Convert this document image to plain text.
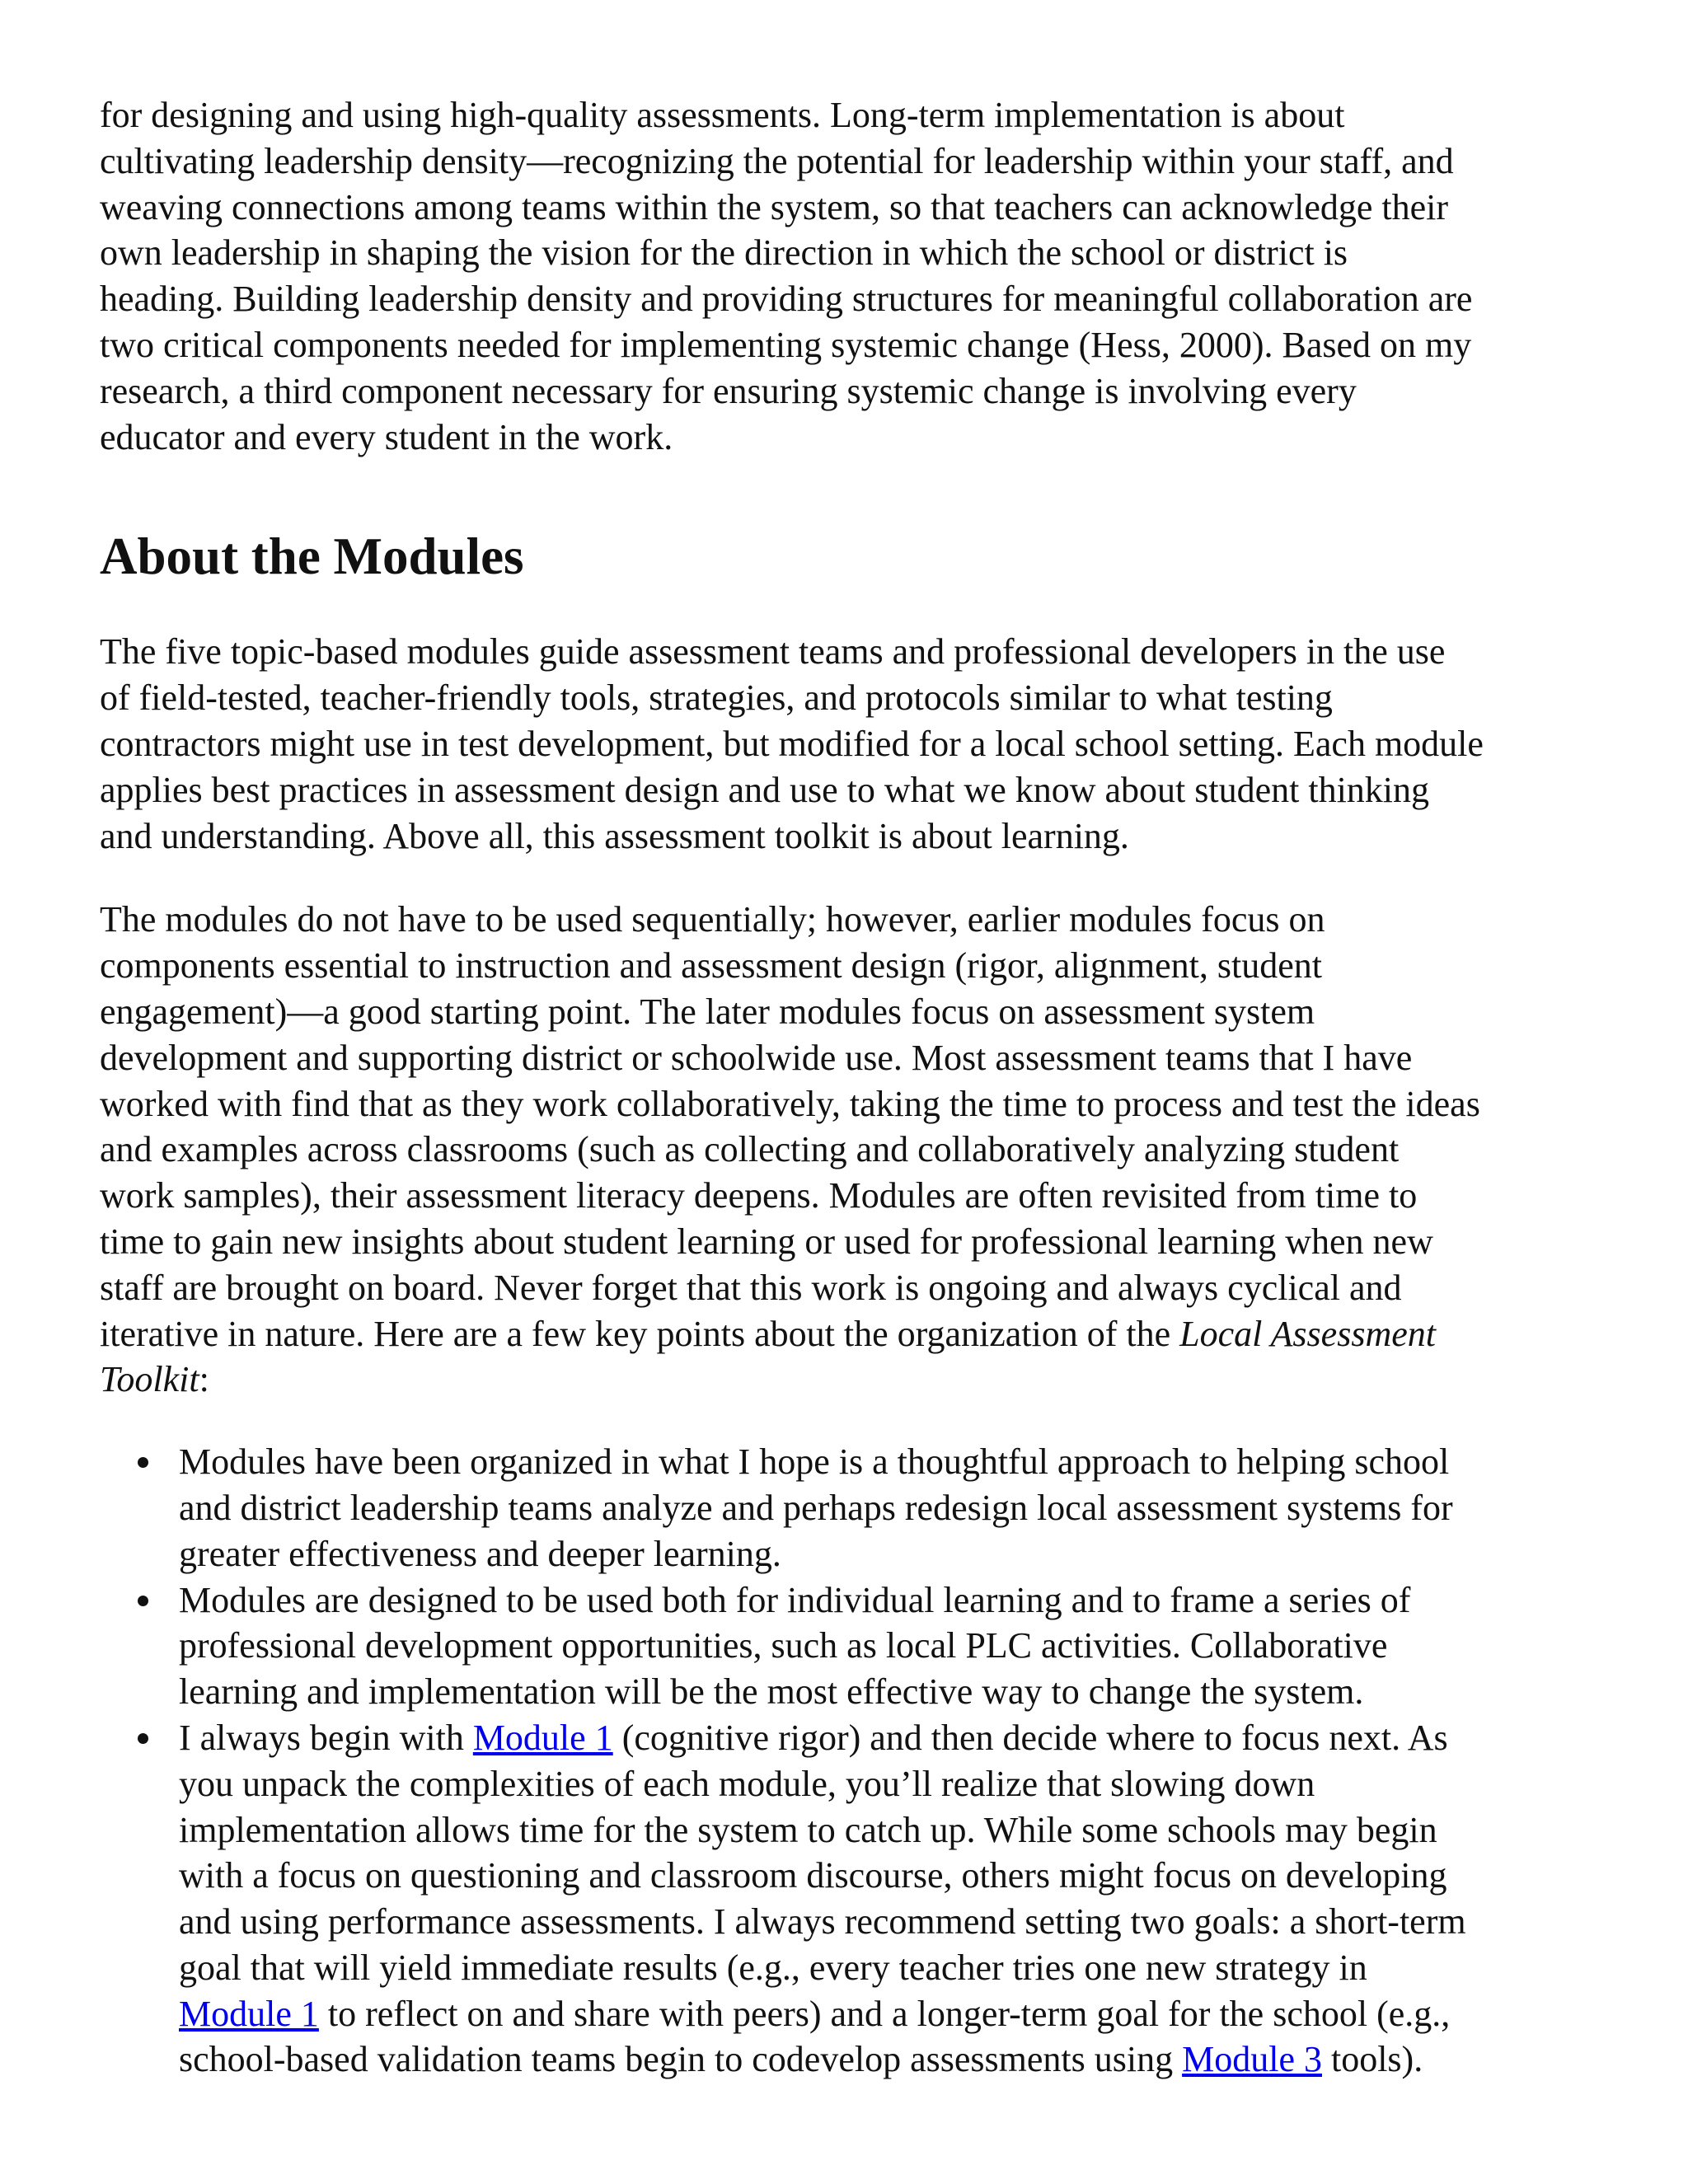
for designing and using high-quality assessments. Long-term implementation is about
cultivating leadership density—recognizing the potential for leadership within your staff, and
weaving connections among teams within the system, so that teachers can acknowledge their
own leadership in shaping the vision for the direction in which the school or district is
heading. Building leadership density and providing structures for meaningful collaboration are
two critical components needed for implementing systemic change (Hess, 2000). Based on my
research, a third component necessary for ensuring systemic change is involving every
educator and every student in the work.
About the Modules
The five topic-based modules guide assessment teams and professional developers in the use
of field-tested, teacher-friendly tools, strategies, and protocols similar to what testing
contractors might use in test development, but modified for a local school setting. Each module
applies best practices in assessment design and use to what we know about student thinking
and understanding. Above all, this assessment toolkit is about learning.
The modules do not have to be used sequentially; however, earlier modules focus on
components essential to instruction and assessment design (rigor, alignment, student
engagement)—a good starting point. The later modules focus on assessment system
development and supporting district or schoolwide use. Most assessment teams that I have
worked with find that as they work collaboratively, taking the time to process and test the ideas
and examples across classrooms (such as collecting and collaboratively analyzing student
work samples), their assessment literacy deepens. Modules are often revisited from time to
time to gain new insights about student learning or used for professional learning when new
staff are brought on board. Never forget that this work is ongoing and always cyclical and
iterative in nature. Here are a few key points about the organization of the Local Assessment
Toolkit:
Modules have been organized in what I hope is a thoughtful approach to helping school
and district leadership teams analyze and perhaps redesign local assessment systems for
greater effectiveness and deeper learning.
Modules are designed to be used both for individual learning and to frame a series of
professional development opportunities, such as local PLC activities. Collaborative
learning and implementation will be the most effective way to change the system.
I always begin with Module 1 (cognitive rigor) and then decide where to focus next. As
you unpack the complexities of each module, you’ll realize that slowing down
implementation allows time for the system to catch up. While some schools may begin
with a focus on questioning and classroom discourse, others might focus on developing
and using performance assessments. I always recommend setting two goals: a short-term
goal that will yield immediate results (e.g., every teacher tries one new strategy in
Module 1 to reflect on and share with peers) and a longer-term goal for the school (e.g.,
school-based validation teams begin to codevelop assessments using Module 3 tools).
